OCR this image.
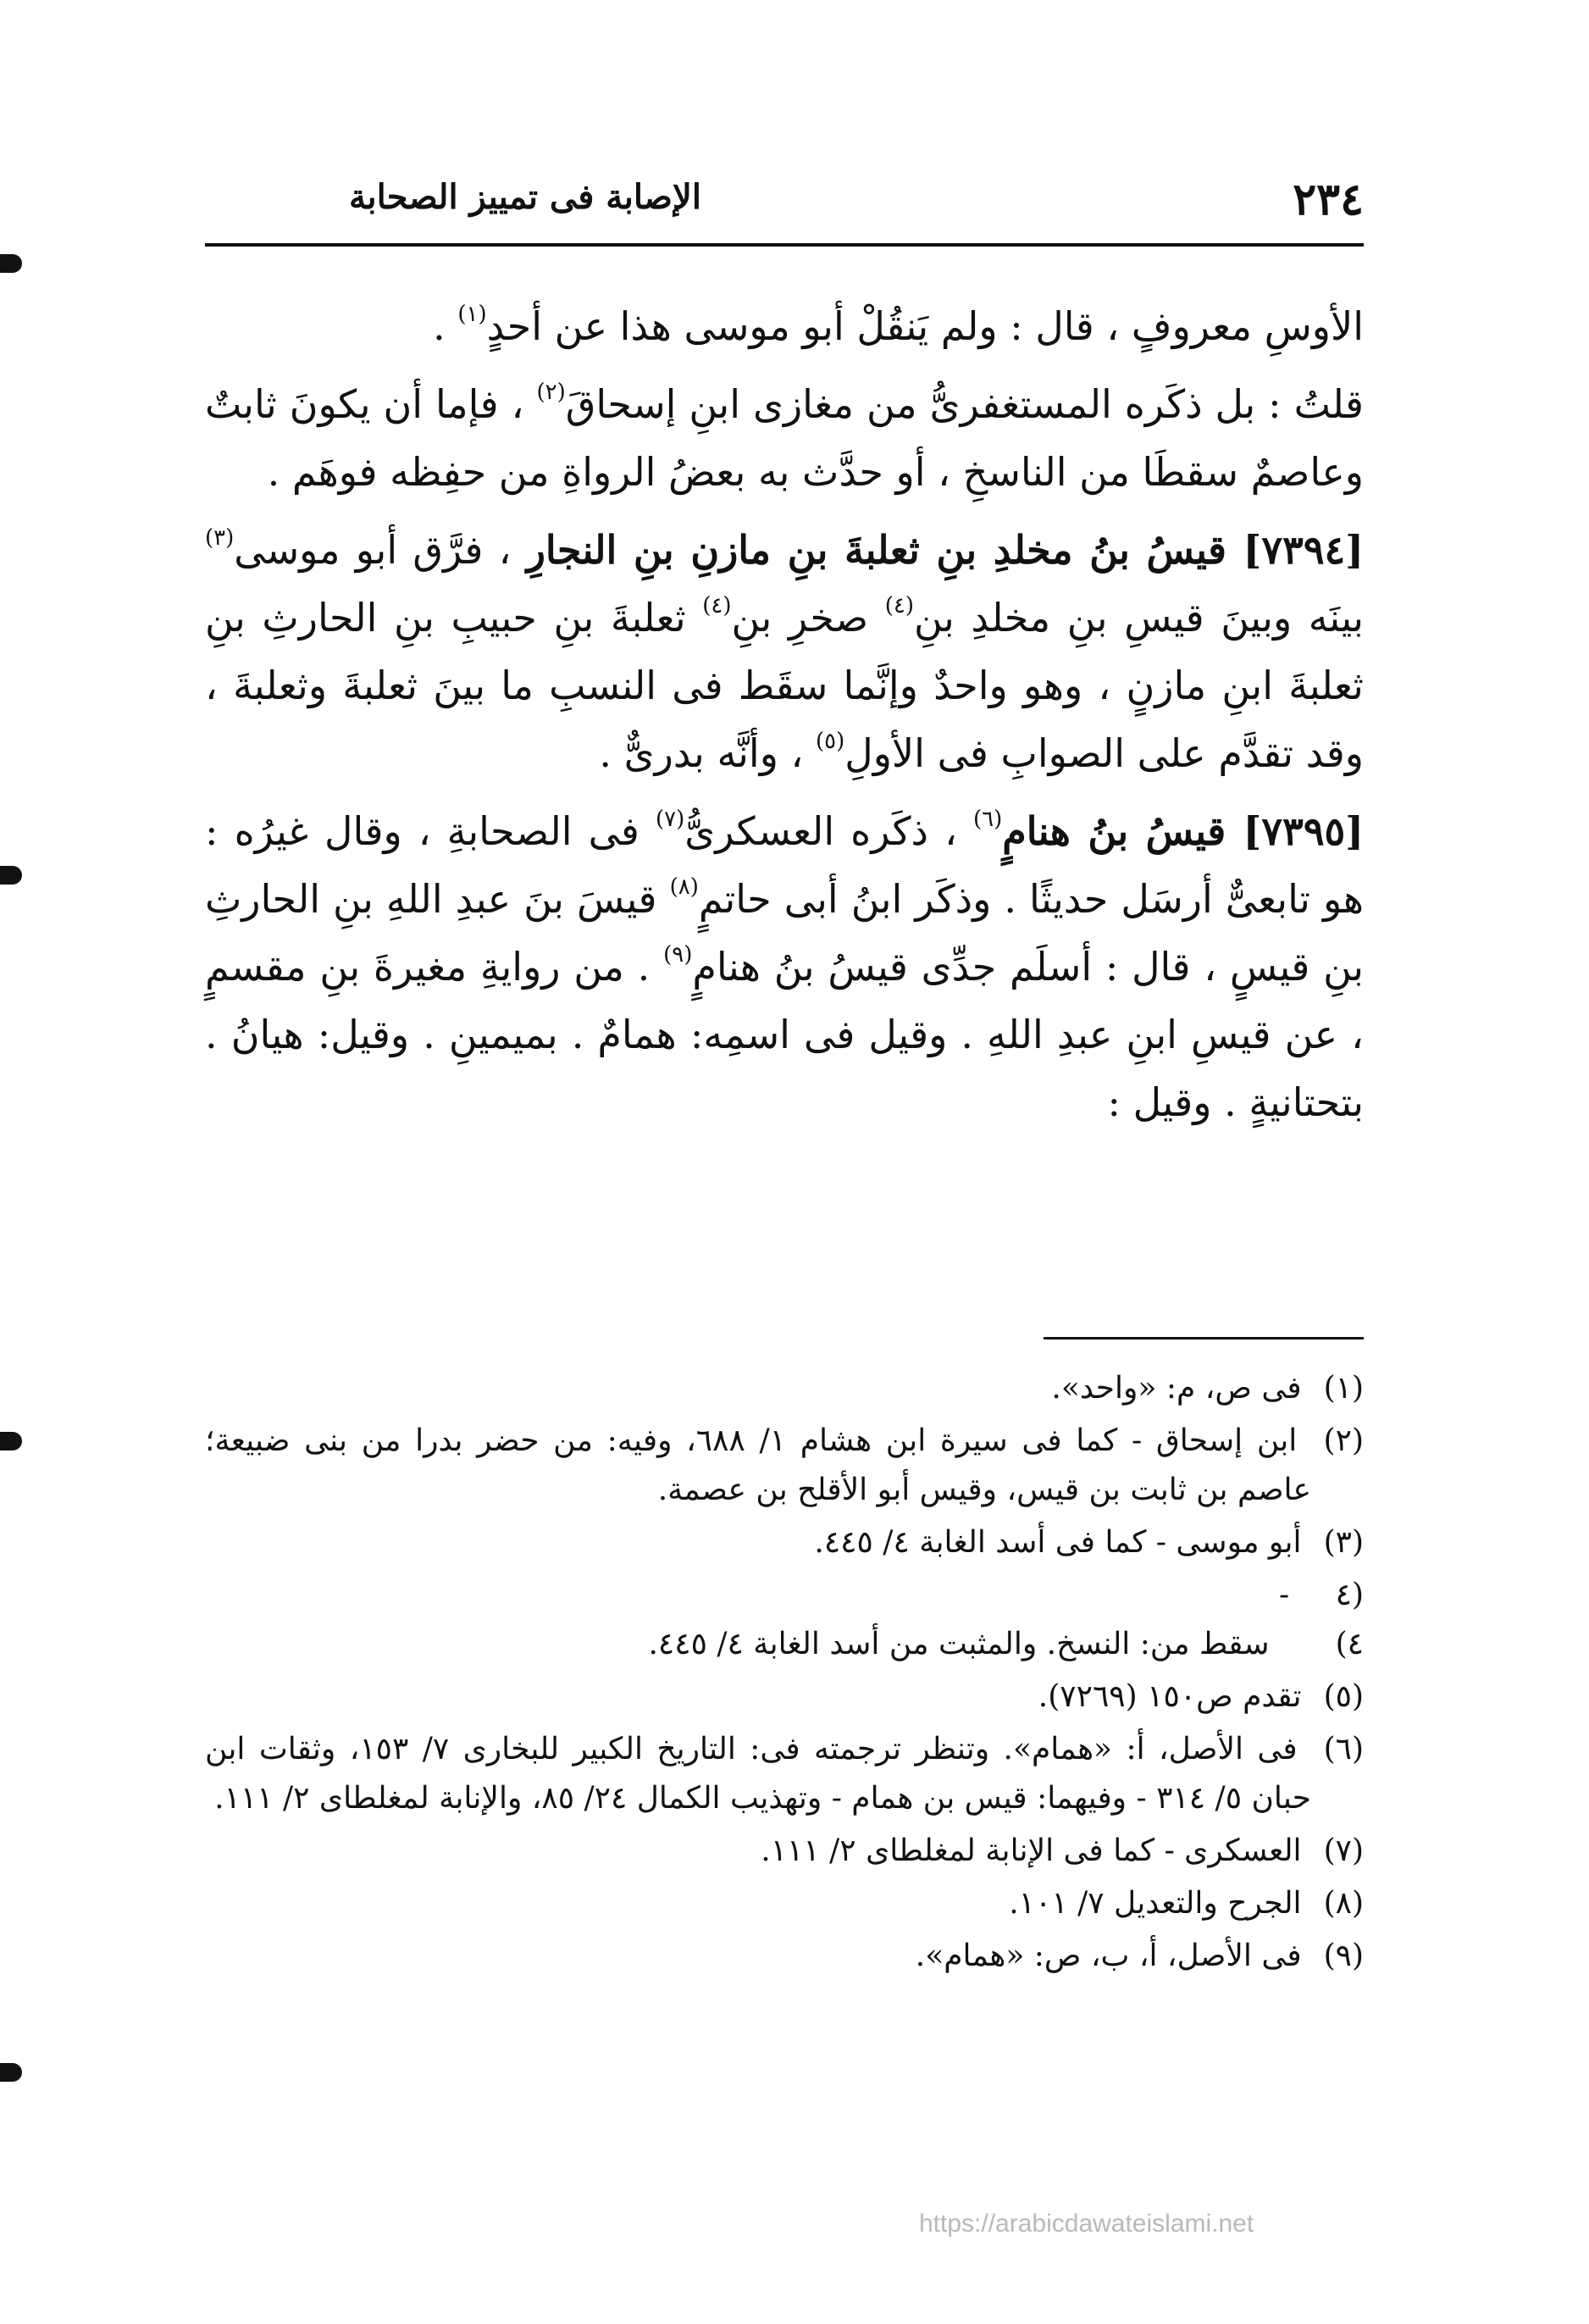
٢٣٤
الإصابة فى تمييز الصحابة

الأوسِ معروفٍ ، قال : ولم يَنقُلْ أبو موسى هذا عن أحدٍ$^{(١)}$ .

قلتُ : بل ذكَره المستغفرىُّ من مغازى ابنِ إسحاقَ$^{(٢)}$ ، فإما أن يكونَ ثابتٌ وعاصمٌ سقطَا من الناسخِ ، أو حدَّث به بعضُ الرواةِ من حفِظه فوهَم .

[٧٣٩٤] قيسُ بنُ مخلدِ بنِ ثعلبةَ بنِ مازنِ بنِ النجارِ ، فرَّق أبو موسى$^{(٣)}$ بينَه وبينَ قيسِ بنِ مخلدِ بنِ$^{(٤)}$ صخرِ بنِ$^{(٤)}$ ثعلبةَ بنِ حبيبِ بنِ الحارثِ بنِ ثعلبةَ ابنِ مازنٍ ، وهو واحدٌ وإنَّما سقَط فى النسبِ ما بينَ ثعلبةَ وثعلبةَ ، وقد تقدَّم على الصوابِ فى الأولِ$^{(٥)}$ ، وأنَّه بدرىٌّ .

[٧٣٩٥] قيسُ بنُ هنامٍ$^{(٦)}$ ، ذكَره العسكرىُّ$^{(٧)}$ فى الصحابةِ ، وقال غيرُه : هو تابعىٌّ أرسَل حديثًا . وذكَر ابنُ أبى حاتمٍ$^{(٨)}$ قيسَ بنَ عبدِ اللهِ بنِ الحارثِ بنِ قيسٍ ، قال : أسلَم جدِّى قيسُ بنُ هنامٍ$^{(٩)}$ . من روايةِ مغيرةَ بنِ مقسمٍ ، عن قيسِ ابنِ عبدِ اللهِ . وقيل فى اسمِه: همامٌ . بميمينِ . وقيل: هيانُ . بتحتانيةٍ . وقيل :

(١) فى ص، م: «واحد».
(٢) ابن إسحاق - كما فى سيرة ابن هشام ١/ ٦٨٨، وفيه: من حضر بدرا من بنى ضبيعة؛ عاصم بن ثابت بن قيس، وقيس أبو الأقلح بن عصمة.
(٣) أبو موسى - كما فى أسد الغابة ٤/ ٤٤٥.
(٤ - ٤) سقط من: النسخ. والمثبت من أسد الغابة ٤/ ٤٤٥.
(٥) تقدم ص١٥٠ (٧٢٦٩).
(٦) فى الأصل، أ: «همام». وتنظر ترجمته فى: التاريخ الكبير للبخارى ٧/ ١٥٣، وثقات ابن حبان ٥/ ٣١٤ - وفيهما: قيس بن همام - وتهذيب الكمال ٢٤/ ٨٥، والإنابة لمغلطاى ٢/ ١١١.
(٧) العسكرى - كما فى الإنابة لمغلطاى ٢/ ١١١.
(٨) الجرح والتعديل ٧/ ١٠١.
(٩) فى الأصل، أ، ب، ص: «همام».
https://arabicdawateislami.net
